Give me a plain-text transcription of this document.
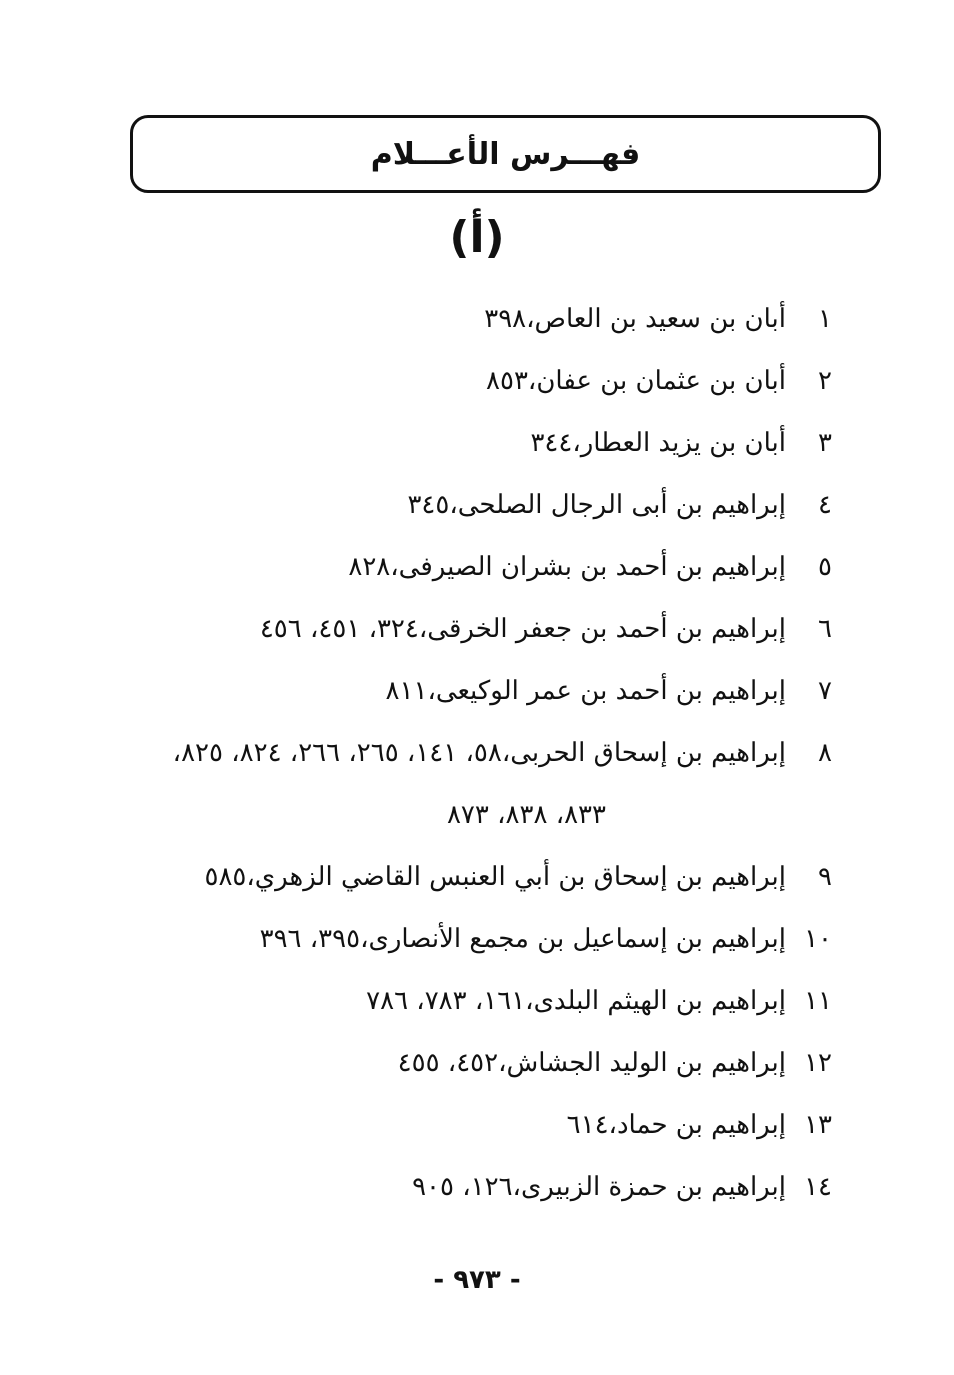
فهـــرس الأعـــلام
(أ)
١
أبان بن سعيد بن العاص،٣٩٨
٢
أبان بن عثمان بن عفان،٨٥٣
٣
أبان بن يزيد العطار،٣٤٤
٤
إبراهيم بن أبى الرجال الصلحى،٣٤٥
٥
إبراهيم بن أحمد بن بشران الصيرفى،٨٢٨
٦
إبراهيم بن أحمد بن جعفر الخرقى،٣٢٤، ٤٥١، ٤٥٦
٧
إبراهيم بن أحمد بن عمر الوكيعى،٨١١
٨
إبراهيم بن إسحاق الحربى،٥٨، ١٤١، ٢٦٥، ٢٦٦، ٨٢٤، ٨٢٥،
٨٣٣، ٨٣٨، ٨٧٣
٩
إبراهيم بن إسحاق بن أبي العنبس القاضي الزهري،٥٨٥
١٠
إبراهيم بن إسماعيل بن مجمع الأنصارى،٣٩٥، ٣٩٦
١١
إبراهيم بن الهيثم البلدى،١٦١، ٧٨٣، ٧٨٦
١٢
إبراهيم بن الوليد الجشاش،٤٥٢، ٤٥٥
١٣
إبراهيم بن حماد،٦١٤
١٤
إبراهيم بن حمزة الزبيرى،١٢٦، ٩٠٥
- ٩٧٣ -
